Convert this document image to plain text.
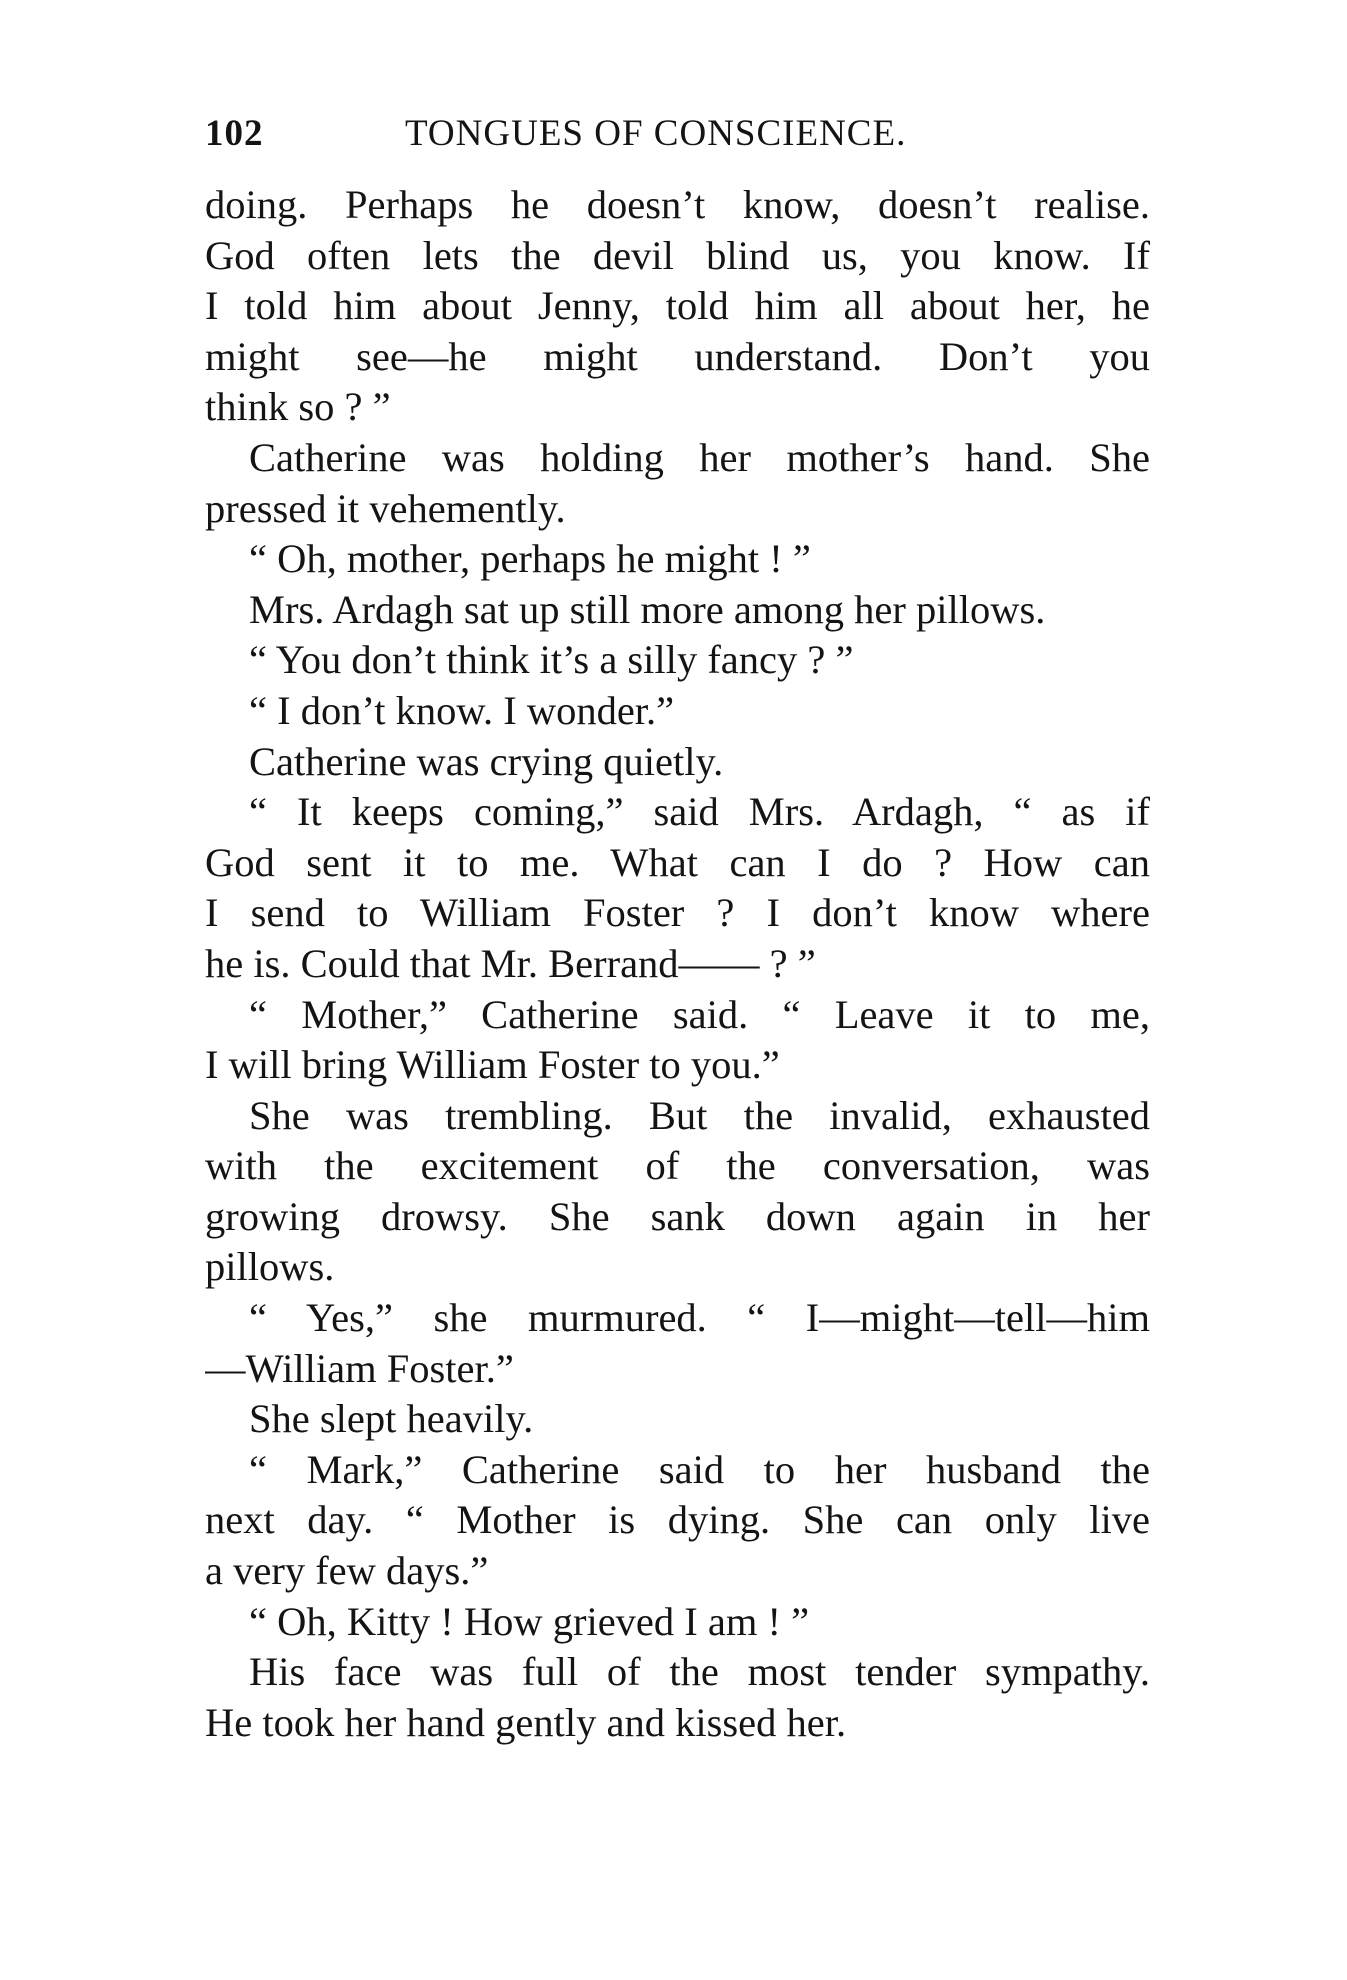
102	TONGUES OF CONSCIENCE.
doing. Perhaps he doesn’t know, doesn’t realise.
God often lets the devil blind us, you know. If
I told him about Jenny, told him all about her, he
might see—he might understand. Don’t you
think so ? ”
Catherine was holding her mother’s hand. She
pressed it vehemently.
“ Oh, mother, perhaps he might ! ”
Mrs. Ardagh sat up still more among her pillows.
“ You don’t think it’s a silly fancy ? ”
“ I don’t know. I wonder.”
Catherine was crying quietly.
“ It keeps coming,” said Mrs. Ardagh, “ as if
God sent it to me. What can I do ? How can
I send to William Foster ? I don’t know where
he is. Could that Mr. Berrand—— ? ”
“ Mother,” Catherine said. “ Leave it to me,
I will bring William Foster to you.”
She was trembling. But the invalid, exhausted
with the excitement of the conversation, was
growing drowsy. She sank down again in her
pillows.
“ Yes,” she murmured. “ I—might—tell—him
—William Foster.”
She slept heavily.
“ Mark,” Catherine said to her husband the
next day. “ Mother is dying. She can only live
a very few days.”
“ Oh, Kitty ! How grieved I am ! ”
His face was full of the most tender sympathy.
He took her hand gently and kissed her.
